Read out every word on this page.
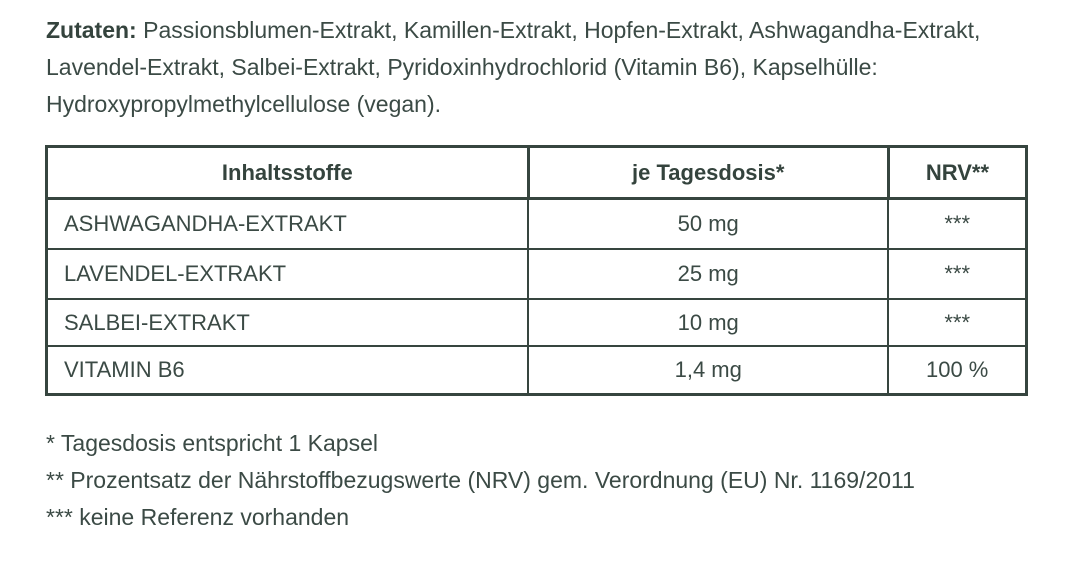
Zutaten: Passionsblumen-Extrakt, Kamillen-Extrakt, Hopfen-Extrakt, Ashwagandha-Extrakt, Lavendel-Extrakt, Salbei-Extrakt, Pyridoxinhydrochlorid (Vitamin B6), Kapselhülle: Hydroxypropylmethylcellulose (vegan).

Inhaltsstoffe	je Tagesdosis*	NRV**
ASHWAGANDHA-EXTRAKT	50 mg	***
LAVENDEL-EXTRAKT	25 mg	***
SALBEI-EXTRAKT	10 mg	***
VITAMIN B6	1,4 mg	100 %
* Tagesdosis entspricht 1 Kapsel
** Prozentsatz der Nährstoffbezugswerte (NRV) gem. Verordnung (EU) Nr. 1169/2011
*** keine Referenz vorhanden
